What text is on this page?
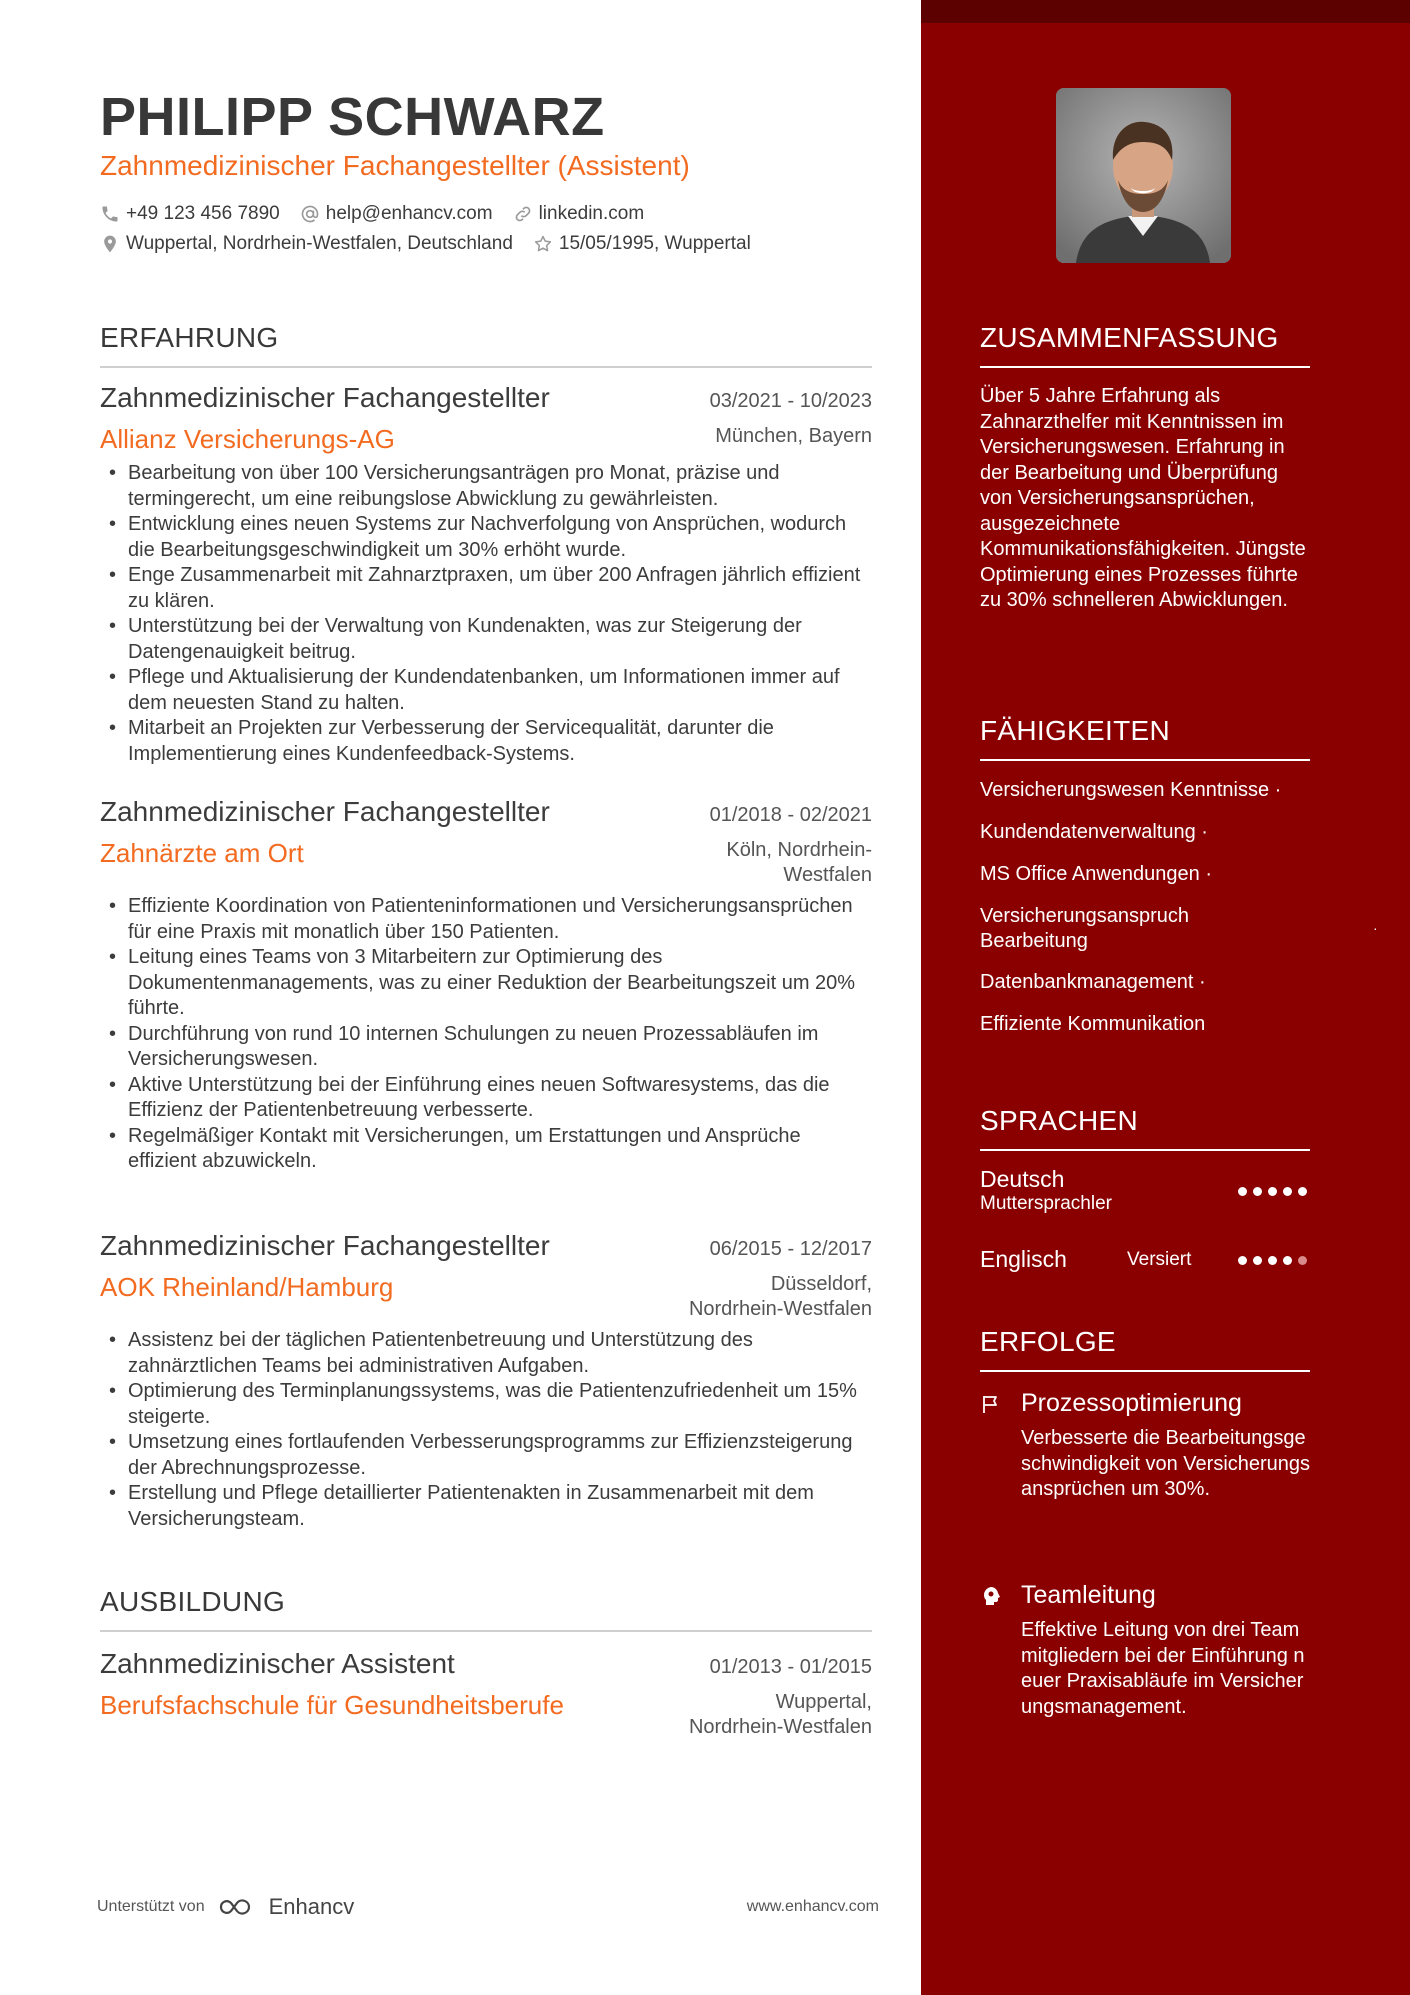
PHILIPP SCHWARZ
Zahnmedizinischer Fachangestellter (Assistent)
+49 123 456 7890 help@enhancv.com linkedin.com
Wuppertal, Nordrhein-Westfalen, Deutschland 15/05/1995, Wuppertal
ERFAHRUNG
Zahnmedizinischer Fachangestellter	03/2021 - 10/2023
Allianz Versicherungs-AG	München, Bayern
• Bearbeitung von über 100 Versicherungsanträgen pro Monat, präzise und termingerecht, um eine reibungslose Abwicklung zu gewährleisten.
• Entwicklung eines neuen Systems zur Nachverfolgung von Ansprüchen, wodurch die Bearbeitungsgeschwindigkeit um 30% erhöht wurde.
• Enge Zusammenarbeit mit Zahnarztpraxen, um über 200 Anfragen jährlich effizient zu klären.
• Unterstützung bei der Verwaltung von Kundenakten, was zur Steigerung der Datengenauigkeit beitrug.
• Pflege und Aktualisierung der Kundendatenbanken, um Informationen immer auf dem neuesten Stand zu halten.
• Mitarbeit an Projekten zur Verbesserung der Servicequalität, darunter die Implementierung eines Kundenfeedback-Systems.
Zahnmedizinischer Fachangestellter	01/2018 - 02/2021
Zahnärzte am Ort	Köln, Nordrhein-
Westfalen
• Effiziente Koordination von Patienteninformationen und Versicherungsansprüchen für eine Praxis mit monatlich über 150 Patienten.
• Leitung eines Teams von 3 Mitarbeitern zur Optimierung des Dokumentenmanagements, was zu einer Reduktion der Bearbeitungszeit um 20% führte.
• Durchführung von rund 10 internen Schulungen zu neuen Prozessabläufen im Versicherungswesen.
• Aktive Unterstützung bei der Einführung eines neuen Softwaresystems, das die Effizienz der Patientenbetreuung verbesserte.
• Regelmäßiger Kontakt mit Versicherungen, um Erstattungen und Ansprüche effizient abzuwickeln.
Zahnmedizinischer Fachangestellter	06/2015 - 12/2017
AOK Rheinland/Hamburg	Düsseldorf,
Nordrhein-Westfalen
• Assistenz bei der täglichen Patientenbetreuung und Unterstützung des zahnärztlichen Teams bei administrativen Aufgaben.
• Optimierung des Terminplanungssystems, was die Patientenzufriedenheit um 15% steigerte.
• Umsetzung eines fortlaufenden Verbesserungsprogramms zur Effizienzsteigerung der Abrechnungsprozesse.
• Erstellung und Pflege detaillierter Patientenakten in Zusammenarbeit mit dem Versicherungsteam.
AUSBILDUNG
Zahnmedizinischer Assistent	01/2013 - 01/2015
Berufsfachschule für Gesundheitsberufe	Wuppertal,
Nordrhein-Westfalen
Unterstützt von	Enhancv	www.enhancv.com
ZUSAMMENFASSUNG
Über 5 Jahre Erfahrung als Zahnarzthelfer mit Kenntnissen im Versicherungswesen. Erfahrung in der Bearbeitung und Überprüfung von Versicherungsansprüchen, ausgezeichnete Kommunikationsfähigkeiten. Jüngste Optimierung eines Prozesses führte zu 30% schnelleren Abwicklungen.
FÄHIGKEITEN
Versicherungswesen Kenntnisse ·
Kundendatenverwaltung ·
MS Office Anwendungen ·
Versicherungsanspruch
Bearbeitung
·
Datenbankmanagement ·
Effiziente Kommunikation
SPRACHEN
Deutsch
Muttersprachler
Englisch	Versiert
ERFOLGE
Prozessoptimierung
Verbesserte die Bearbeitungsgeschwindigkeit von Versicherungsansprüchen um 30%.
Teamleitung
Effektive Leitung von drei Teammitgliedern bei der Einführung neuer Praxisabläufe im Versicherungsmanagement.
